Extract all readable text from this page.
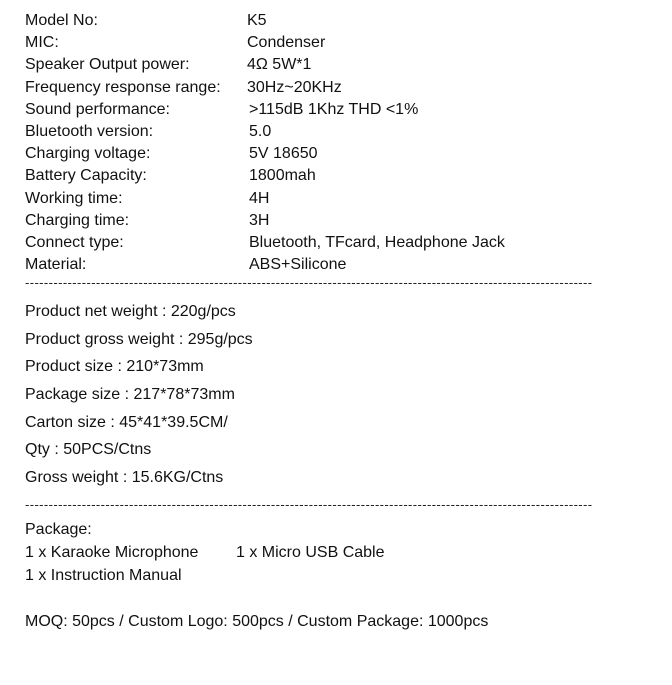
Model No:	K5
MIC:	Condenser
Speaker Output power:	4Ω 5W*1
Frequency response range: 30Hz~20KHz
Sound performance:	>115dB 1Khz THD <1%
Bluetooth version:	5.0
Charging voltage:	5V 18650
Battery Capacity:	1800mah
Working time:	4H
Charging time:	3H
Connect type:	Bluetooth, TFcard, Headphone Jack
Material:	ABS+Silicone
------------------------------------------------------------------------------------------------------------------------
Product net weight : 220g/pcs
Product gross weight : 295g/pcs
Product size : 210*73mm
Package size : 217*78*73mm
Carton size : 45*41*39.5CM/
Qty : 50PCS/Ctns
Gross weight : 15.6KG/Ctns
------------------------------------------------------------------------------------------------------------------------
Package:
1 x Karaoke Microphone 1 x Micro USB Cable
1 x Instruction Manual
MOQ: 50pcs / Custom Logo: 500pcs / Custom Package: 1000pcs
